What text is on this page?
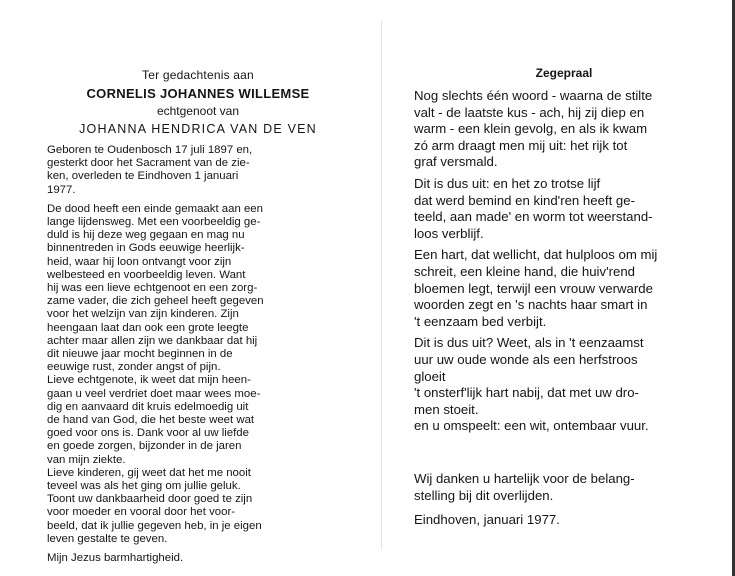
Ter gedachtenis aan
CORNELIS JOHANNES WILLEMSE
echtgenoot van
JOHANNA HENDRICA VAN DE VEN

Geboren te Oudenbosch 17 juli 1897 en,
gesterkt door het Sacrament van de zie-
ken, overleden te Eindhoven 1 januari
1977.

De dood heeft een einde gemaakt aan een
lange lijdensweg. Met een voorbeeldig ge-
duld is hij deze weg gegaan en mag nu
binnentreden in Gods eeuwige heerlijk-
heid, waar hij loon ontvangt voor zijn
welbesteed en voorbeeldig leven. Want
hij was een lieve echtgenoot en een zorg-
zame vader, die zich geheel heeft gegeven
voor het welzijn van zijn kinderen. Zijn
heengaan laat dan ook een grote leegte
achter maar allen zijn we dankbaar dat hij
dit nieuwe jaar mocht beginnen in de
eeuwige rust, zonder angst of pijn.

Lieve echtgenote, ik weet dat mijn heen-
gaan u veel verdriet doet maar wees moe-
dig en aanvaard dit kruis edelmoedig uit
de hand van God, die het beste weet wat
goed voor ons is. Dank voor al uw liefde
en goede zorgen, bijzonder in de jaren
van mijn ziekte.

Lieve kinderen, gij weet dat het me nooit
teveel was als het ging om jullie geluk.
Toont uw dankbaarheid door goed te zijn
voor moeder en vooral door het voor-
beeld, dat ik jullie gegeven heb, in je eigen
leven gestalte te geven.

Mijn Jezus barmhartigheid.

Zegepraal

Nog slechts één woord - waarna de stilte
valt - de laatste kus - ach, hij zij diep en
warm - een klein gevolg, en als ik kwam
zó arm draagt men mij uit: het rijk tot
graf versmald.

Dit is dus uit: en het zo trotse lijf
dat werd bemind en kind'ren heeft ge-
teeld, aan made' en worm tot weerstand-
loos verblijf.

Een hart, dat wellicht, dat hulploos om mij
schreit, een kleine hand, die huiv'rend
bloemen legt, terwijl een vrouw verwarde
woorden zegt en 's nachts haar smart in
't eenzaam bed verbijt.

Dit is dus uit? Weet, als in 't eenzaamst
uur uw oude wonde als een herfstroos
gloeit
't onsterf'lijk hart nabij, dat met uw dro-
men stoeit.
en u omspeelt: een wit, ontembaar vuur.

Wij danken u hartelijk voor de belang-
stelling bij dit overlijden.

Eindhoven, januari 1977.
